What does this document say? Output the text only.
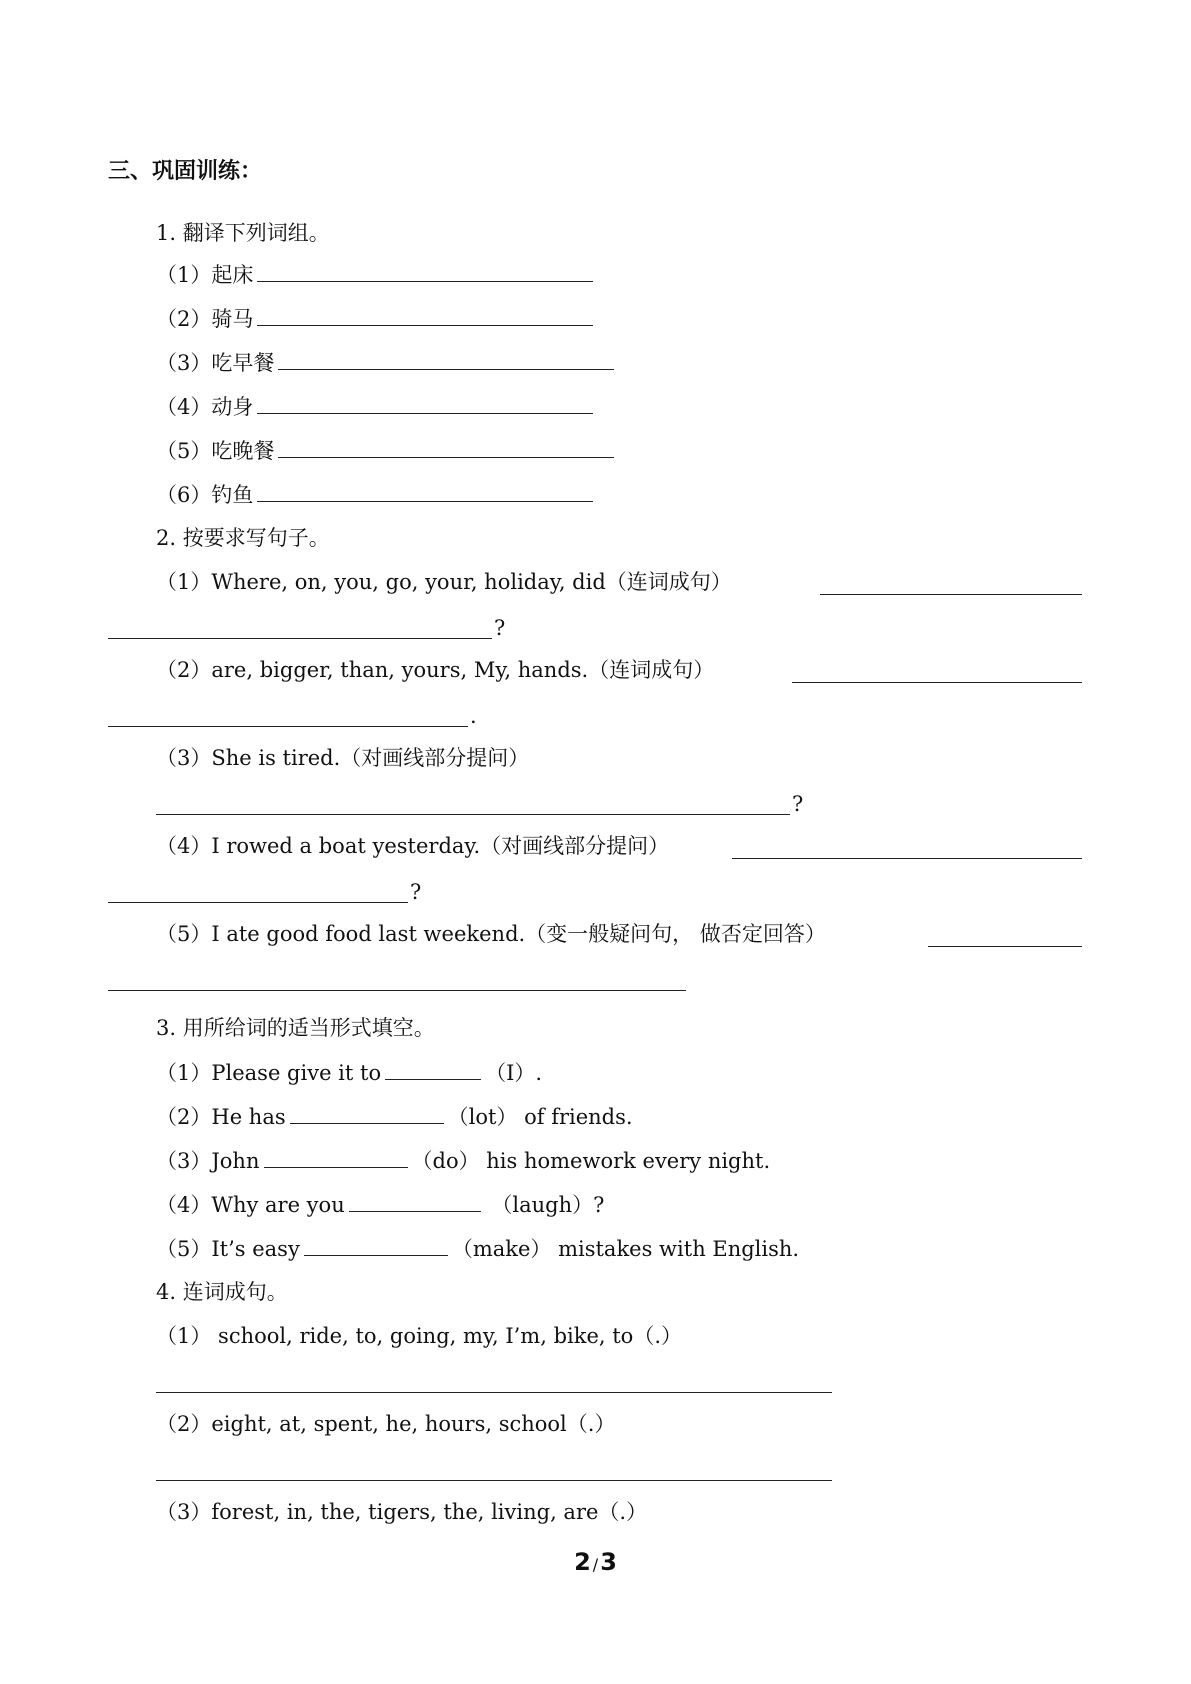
三、巩固训练：
1. 翻译下列词组。
（1）起床
（2）骑马
（3）吃早餐
（4）动身
（5）吃晚餐
（6）钓鱼
2. 按要求写句子。
（1）Where, on, you, go, your, holiday, did（连词成句）
?
（2）are, bigger, than, yours, My, hands.（连词成句）
.
（3）She is tired.（对画线部分提问）
?
（4）I rowed a boat yesterday.（对画线部分提问）
?
（5）I ate good food last weekend.（变一般疑问句， 做否定回答）
3. 用所给词的适当形式填空。
（1）Please give it to	（I）.
（2）He has	（lot） of friends.
（3）John	（do） his homework every night.
（4）Why are you	（laugh）?
（5）It’s easy	（make） mistakes with English.
4. 连词成句。
（1） school, ride, to, going, my, I’m, bike, to（.）
（2）eight, at, spent, he, hours, school（.）
（3）forest, in, the, tigers, the, living, are（.）
2 /3
